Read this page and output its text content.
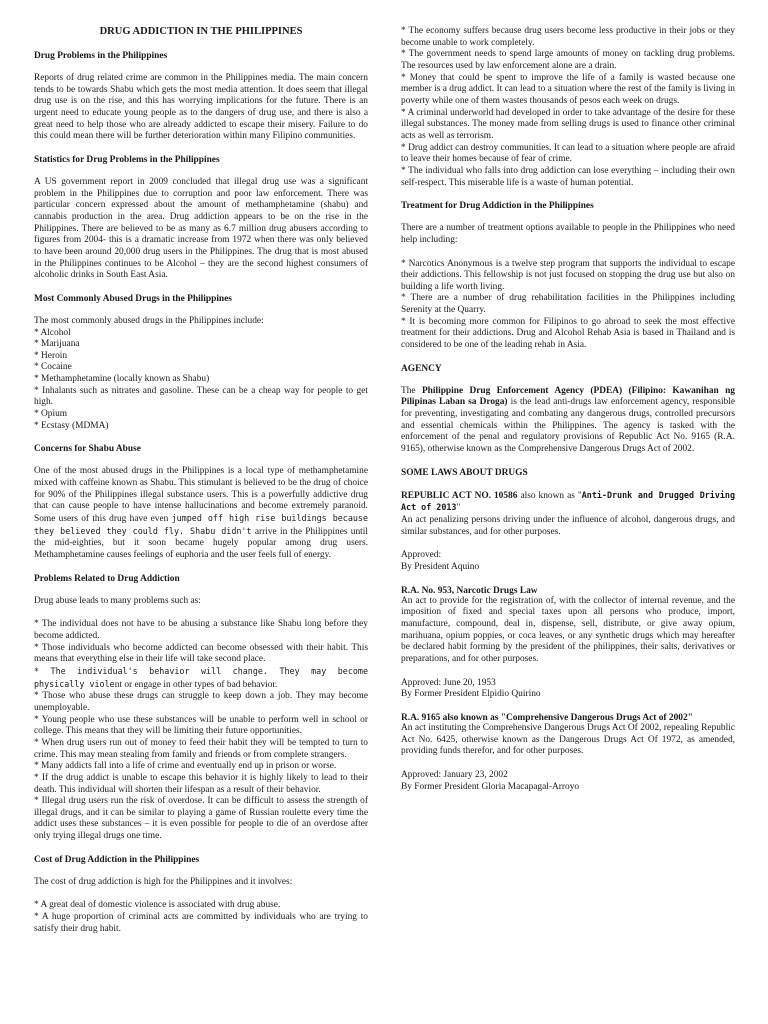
DRUG ADDICTION IN THE PHILIPPINES
Drug Problems in the Philippines

Reports of drug related crime are common in the Philippines media. The main concern tends to be towards Shabu which gets the most media attention. It does seem that illegal drug use is on the rise, and this has worrying implications for the future. There is an urgent need to educate young people as to the dangers of drug use, and there is also a great need to help those who are already addicted to escape their misery. Failure to do this could mean there will be further deterioration within many Filipino communities.

Statistics for Drug Problems in the Philippines

A US government report in 2009 concluded that illegal drug use was a significant problem in the Philippines due to corruption and poor law enforcement. There was particular concern expressed about the amount of methamphetamine (shabu) and cannabis production in the area. Drug addiction appears to be on the rise in the Philippines. There are believed to be as many as 6.7 million drug abusers according to figures from 2004- this is a dramatic increase from 1972 when there was only believed to have been around 20,000 drug users in the Philippines. The drug that is most abused in the Philippines continues to be Alcohol – they are the second highest consumers of alcoholic drinks in South East Asia.

Most Commonly Abused Drugs in the Philippines
The most commonly abused drugs in the Philippines include:
* Alcohol
* Marijuana
* Heroin
* Cocaine
* Methamphetamine (locally known as Shabu)
* Inhalants such as nitrates and gasoline. These can be a cheap way for people to get high.
* Opium
* Ecstasy (MDMA)
Concerns for Shabu Abuse

One of the most abused drugs in the Philippines is a local type of methamphetamine mixed with caffeine known as Shabu. This stimulant is believed to be the drug of choice for 90% of the Philippines illegal substance users. This is a powerfully addictive drug that can cause people to have intense hallucinations and become extremely paranoid. Some users of this drug have even jumped off high rise buildings because they believed they could fly. Shabu didn't arrive in the Philippines until the mid-eighties, but it soon became hugely popular among drug users. Methamphetamine causes feelings of euphoria and the user feels full of energy.

Problems Related to Drug Addiction

Drug abuse leads to many problems such as:

* The individual does not have to be abusing a substance like Shabu long before they become addicted.
* Those individuals who become addicted can become obsessed with their habit. This means that everything else in their life will take second place.
* The individual's behavior will change. They may become physically violent or engage in other types of bad behavior.
* Those who abuse these drugs can struggle to keep down a job. They may become unemployable.
* Young people who use these substances will be unable to perform well in school or college. This means that they will be limiting their future opportunities.
* When drug users run out of money to feed their habit they will be tempted to turn to crime. This may mean stealing from family and friends or from complete strangers.
* Many addicts fall into a life of crime and eventually end up in prison or worse.
* If the drug addict is unable to escape this behavior it is highly likely to lead to their death. This individual will shorten their lifespan as a result of their behavior.
* Illegal drug users run the risk of overdose. It can be difficult to assess the strength of illegal drugs, and it can be similar to playing a game of Russian roulette every time the addict uses these substances – it is even possible for people to die of an overdose after only trying illegal drugs one time.
Cost of Drug Addiction in the Philippines

The cost of drug addiction is high for the Philippines and it involves:

* A great deal of domestic violence is associated with drug abuse.
* A huge proportion of criminal acts are committed by individuals who are trying to satisfy their drug habit.
* The economy suffers because drug users become less productive in their jobs or they become unable to work completely.
* The government needs to spend large amounts of money on tackling drug problems. The resources used by law enforcement alone are a drain.
* Money that could be spent to improve the life of a family is wasted because one member is a drug addict. It can lead to a situation where the rest of the family is living in poverty while one of them wastes thousands of pesos each week on drugs.
* A criminal underworld had developed in order to take advantage of the desire for these illegal substances. The money made from selling drugs is used to finance other criminal acts as well as terrorism.
* Drug addict can destroy communities. It can lead to a situation where people are afraid to leave their homes because of fear of crime.
* The individual who falls into drug addiction can lose everything – including their own self-respect. This miserable life is a waste of human potential.
Treatment for Drug Addiction in the Philippines

There are a number of treatment options available to people in the Philippines who need help including:

* Narcotics Anonymous is a twelve step program that supports the individual to escape their addictions. This fellowship is not just focused on stopping the drug use but also on building a life worth living.
* There are a number of drug rehabilitation facilities in the Philippines including Serenity at the Quarry.
* It is becoming more common for Filipinos to go abroad to seek the most effective treatment for their addictions. Drug and Alcohol Rehab Asia is based in Thailand and is considered to be one of the leading rehab in Asia.
AGENCY

The Philippine Drug Enforcement Agency (PDEA) (Filipino: Kawanihan ng Pilipinas Laban sa Droga) is the lead anti-drugs law enforcement agency, responsible for preventing, investigating and combating any dangerous drugs, controlled precursors and essential chemicals within the Philippines. The agency is tasked with the enforcement of the penal and regulatory provisions of Republic Act No. 9165 (R.A. 9165), otherwise known as the Comprehensive Dangerous Drugs Act of 2002.

SOME LAWS ABOUT DRUGS

REPUBLIC ACT NO. 10586 also known as "Anti-Drunk and Drugged Driving Act of 2013"

An act penalizing persons driving under the influence of alcohol, dangerous drugs, and similar substances, and for other purposes.

Approved:

By President Aquino

R.A. No. 953, Narcotic Drugs Law

An act to provide for the registration of, with the collector of internal revenue, and the imposition of fixed and special taxes upon all persons who produce, import, manufacture, compound, deal in, dispense, sell, distribute, or give away opium, marihuana, opium poppies, or coca leaves, or any synthetic drugs which may hereafter be declared habit forming by the president of the philippines, their salts, derivatives or preparations, and for other purposes.

Approved: June 20, 1953

By Former President Elpidio Quirino

R.A. 9165 also known as "Comprehensive Dangerous Drugs Act of 2002"

An act instituting the Comprehensive Dangerous Drugs Act Of 2002, repealing Republic Act No. 6425, otherwise known as the Dangerous Drugs Act Of 1972, as amended, providing funds therefor, and for other purposes.

Approved: January 23, 2002

By Former President Gloria Macapagal-Arroyo
